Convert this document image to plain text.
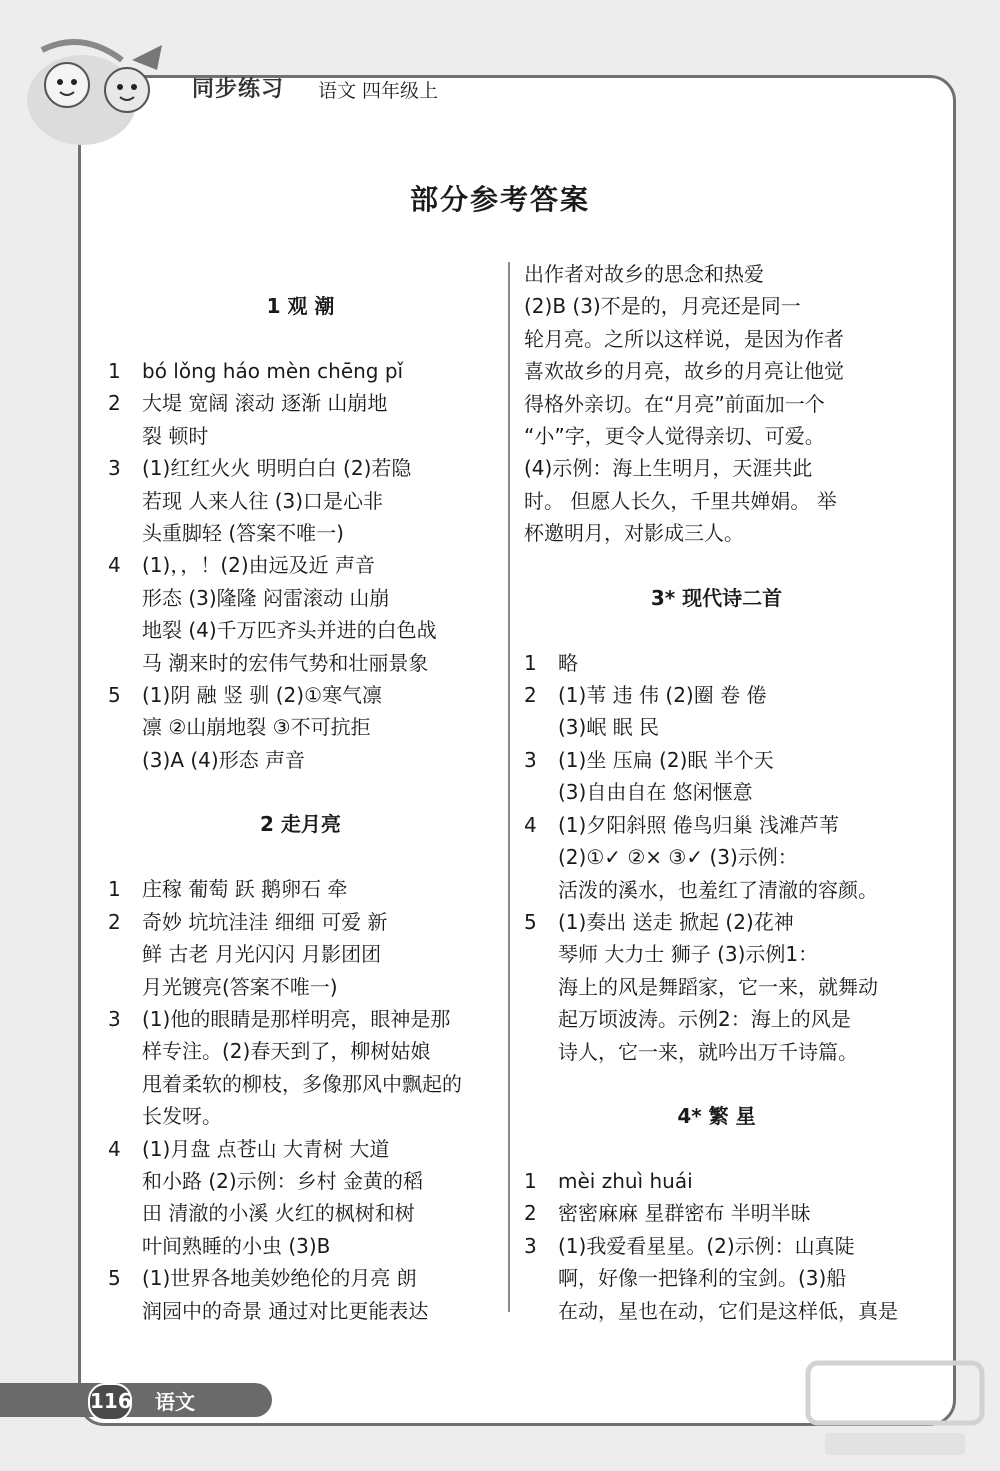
同步练习 语文 四年级上
部分参考答案
1 观 潮
1 bó lǒng háo mèn chēng pǐ
2 大堤 宽阔 滚动 逐渐 山崩地
裂 顿时
3 (1)红红火火 明明白白 (2)若隐
若现 人来人往 (3)口是心非
头重脚轻 (答案不唯一)
4 (1)，，！(2)由远及近 声音
形态 (3)隆隆 闷雷滚动 山崩
地裂 (4)千万匹齐头并进的白色战
马 潮来时的宏伟气势和壮丽景象
5 (1)阴 融 竖 驯 (2)①寒气凛
凛 ②山崩地裂 ③不可抗拒
(3)A (4)形态 声音
2 走月亮
1 庄稼 葡萄 跃 鹅卵石 牵
2 奇妙 坑坑洼洼 细细 可爱 新
鲜 古老 月光闪闪 月影团团
月光镀亮(答案不唯一)
3 (1)他的眼睛是那样明亮，眼神是那
样专注。(2)春天到了，柳树姑娘
甩着柔软的柳枝，多像那风中飘起的
长发呀。
4 (1)月盘 点苍山 大青树 大道
和小路 (2)示例：乡村 金黄的稻
田 清澈的小溪 火红的枫树和树
叶间熟睡的小虫 (3)B
5 (1)世界各地美妙绝伦的月亮 朗
润园中的奇景 通过对比更能表达
出作者对故乡的思念和热爱
(2)B (3)不是的，月亮还是同一
轮月亮。之所以这样说，是因为作者
喜欢故乡的月亮，故乡的月亮让他觉
得格外亲切。在“月亮”前面加一个
“小”字，更令人觉得亲切、可爱。
(4)示例：海上生明月，天涯共此
时。 但愿人长久，千里共婵娟。 举
杯邀明月，对影成三人。
3* 现代诗二首
1 略
2 (1)苇 违 伟 (2)圈 卷 倦
(3)岷 眠 民
3 (1)坐 压扁 (2)眠 半个天
(3)自由自在 悠闲惬意
4 (1)夕阳斜照 倦鸟归巢 浅滩芦苇
(2)①✓ ②× ③✓ (3)示例：
活泼的溪水，也羞红了清澈的容颜。
5 (1)奏出 送走 掀起 (2)花神
琴师 大力士 狮子 (3)示例1：
海上的风是舞蹈家，它一来，就舞动
起万顷波涛。示例2：海上的风是
诗人，它一来，就吟出万千诗篇。
4* 繁 星
1 mèi zhuì huái
2 密密麻麻 星群密布 半明半昧
3 (1)我爱看星星。(2)示例：山真陡
啊，好像一把锋利的宝剑。(3)船
在动，星也在动，它们是这样低，真是
116 语文
